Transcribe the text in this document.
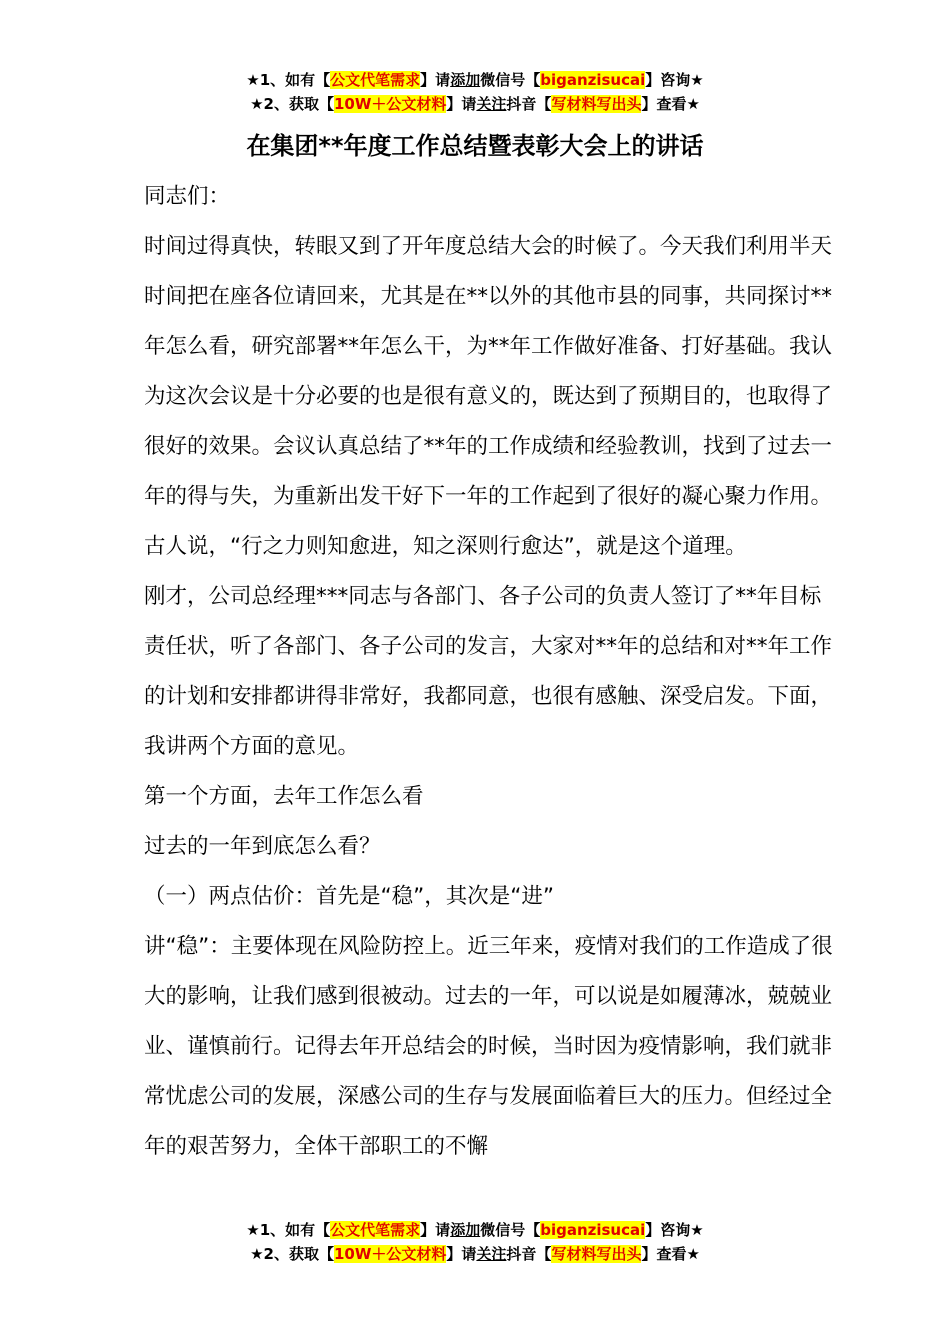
★1、如有【公文代笔需求】请添加微信号【biganzisucai】咨询★
★2、获取【10W＋公文材料】请关注抖音【写材料写出头】查看★
在集团**年度工作总结暨表彰大会上的讲话

同志们：

时间过得真快，转眼又到了开年度总结大会的时候了。今天我们利用半天时间把在座各位请回来，尤其是在**以外的其他市县的同事，共同探讨**年怎么看，研究部署**年怎么干，为**年工作做好准备、打好基础。我认为这次会议是十分必要的也是很有意义的，既达到了预期目的，也取得了很好的效果。会议认真总结了**年的工作成绩和经验教训，找到了过去一年的得与失，为重新出发干好下一年的工作起到了很好的凝心聚力作用。古人说，“行之力则知愈进，知之深则行愈达”，就是这个道理。

刚才，公司总经理***同志与各部门、各子公司的负责人签订了**年目标责任状，听了各部门、各子公司的发言，大家对**年的总结和对**年工作的计划和安排都讲得非常好，我都同意，也很有感触、深受启发。下面，我讲两个方面的意见。

第一个方面，去年工作怎么看

过去的一年到底怎么看？

（一）两点估价：首先是“稳”，其次是“进”

讲“稳”：主要体现在风险防控上。近三年来，疫情对我们的工作造成了很大的影响，让我们感到很被动。过去的一年，可以说是如履薄冰，兢兢业业、谨慎前行。记得去年开总结会的时候，当时因为疫情影响，我们就非常忧虑公司的发展，深感公司的生存与发展面临着巨大的压力。但经过全年的艰苦努力，全体干部职工的不懈

★1、如有【公文代笔需求】请添加微信号【biganzisucai】咨询★
★2、获取【10W＋公文材料】请关注抖音【写材料写出头】查看★
